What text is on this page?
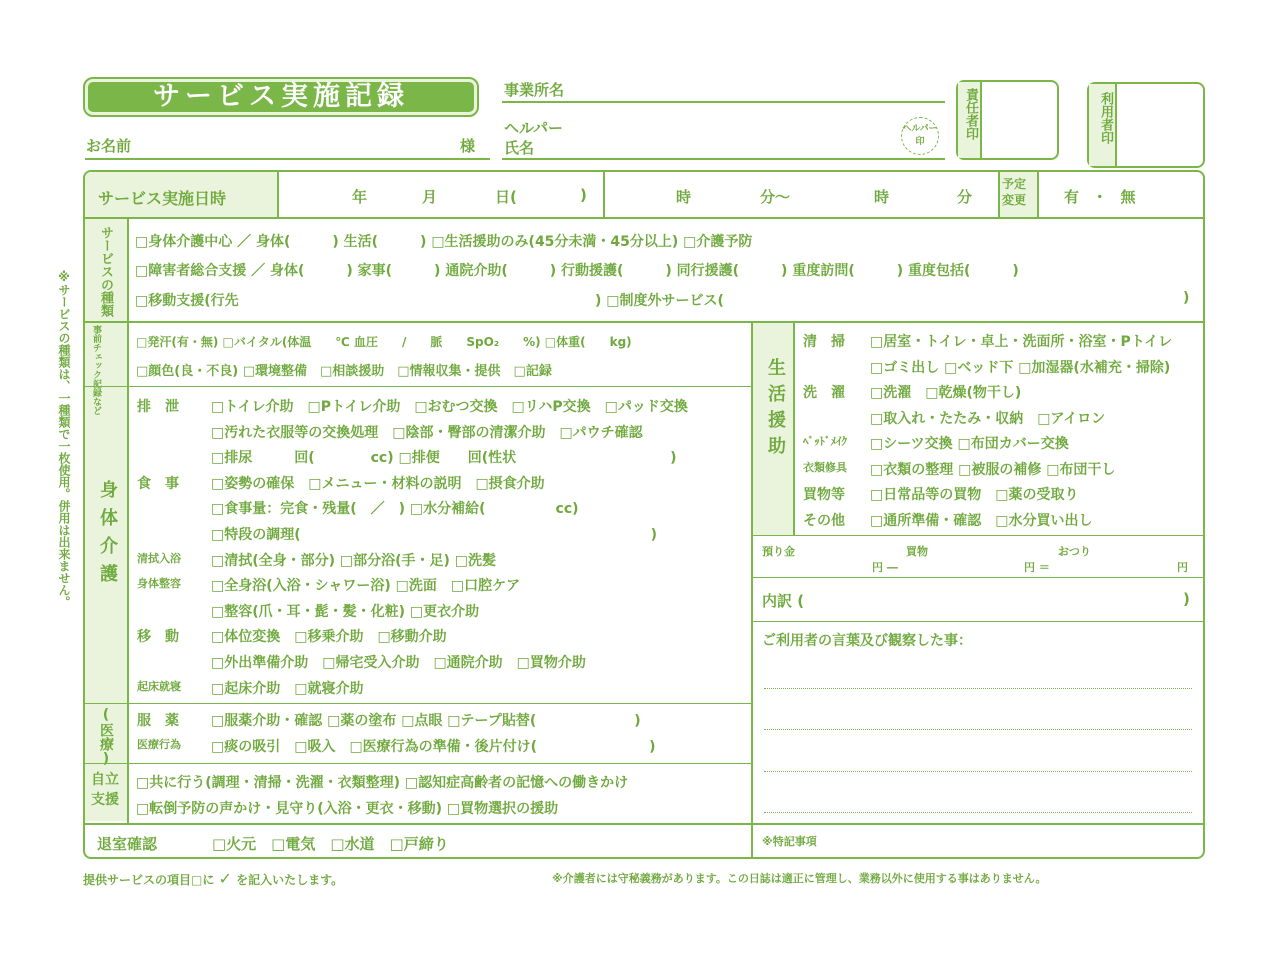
※サービスの種類は、一種類で一枚使用。併用は出来ません。
サービス実施記録
お名前	様
事業所名
ヘルパー
氏名
ヘルパー印
責任者印	利用者印
サービス実施日時	年	月	日(	)	時	分〜	時	分
予定変更	有 ・ 無
サービスの種類 □身体介護中心 ／ 身体(　　　) 生活(　　　) □生活援助のみ(45分未満・45分以上) □介護予防
□障害者総合支援 ／ 身体(　　　) 家事(　　　) 通院介助(　　　) 行動援護(　　　) 同行援護(　　　) 重度訪問(　　　) 重度包括(　　　)
□移動支援(行先	) □制度外サービス(	)
事前チェック記録など	□発汗(有・無) □バイタル(体温　　℃ 血圧　　/　　脈　　SpO₂　　%) □体重(　　kg)
□顔色(良・不良) □環境整備　□相談援助　□情報収集・提供　□記録
身体介護
排　泄 □トイレ介助　□Pトイレ介助　□おむつ交換　□リハP交換　□パッド交換
□汚れた衣服等の交換処理　□陰部・臀部の清潔介助　□パウチ確認
□排尿　　　回(　　　　cc) □排便　　回(性状　　　　　　　　　　　)
食　事 □姿勢の確保　□メニュー・材料の説明　□摂食介助
□食事量：完食・残量(　／　) □水分補給(　　　　　cc)
□特段の調理(　　　　　　　　　　　　　　　　　　　　　　　　　)
清拭入浴 □清拭(全身・部分) □部分浴(手・足) □洗髪
身体整容 □全身浴(入浴・シャワー浴) □洗面　□口腔ケア
□整容(爪・耳・髭・髪・化粧) □更衣介助
移　動 □体位変換　□移乗介助　□移動介助
□外出準備介助　□帰宅受入介助　□通院介助　□買物介助
起床就寝 □起床介助　□就寝介助
(医療) 服　薬 □服薬介助・確認 □薬の塗布 □点眼 □テープ貼替(　　　　　　　)
医療行為 □痰の吸引　□吸入　□医療行為の準備・後片付け(　　　　　　　　)
自立支援
□共に行う(調理・清掃・洗濯・衣類整理) □認知症高齢者の記憶への働きかけ
□転倒予防の声かけ・見守り(入浴・更衣・移動) □買物選択の援助
退室確認	□火元　□電気　□水道　□戸締り
生活援助
清　掃 □居室・トイレ・卓上・洗面所・浴室・Pトイレ
□ゴミ出し □ベッド下 □加湿器(水補充・掃除)
洗　濯 □洗濯　□乾燥(物干し)
□取入れ・たたみ・収納　□アイロン
ﾍﾞｯﾄﾞﾒｲｸ □シーツ交換 □布団カバー交換
衣類修具 □衣類の整理 □被服の補修 □布団干し
買物等 □日常品等の買物　□薬の受取り
その他 □通所準備・確認　□水分買い出し
預り金	買物	おつり
円 ―	円 ＝	円
内訳 (	)
ご利用者の言葉及び観察した事：
※特記事項
提供サービスの項目□に ✓ を記入いたします。	※介護者には守秘義務があります。この日誌は適正に管理し、業務以外に使用する事はありません。
